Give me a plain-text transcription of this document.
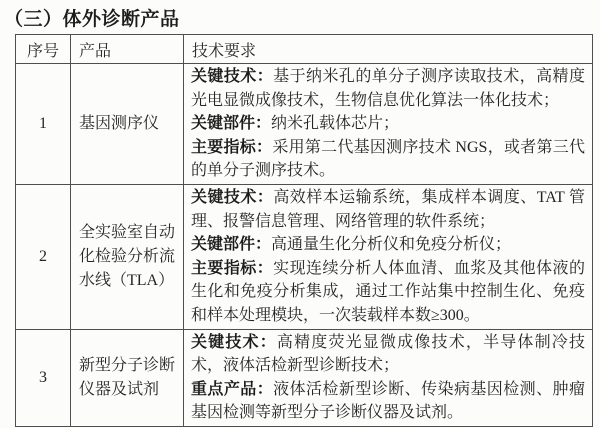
（三）体外诊断产品
序号	产品	技术要求
1	基因测序仪	关键技术：基于纳米孔的单分子测序读取技术，高精度光电显微成像技术，生物信息优化算法一体化技术；
关键部件：纳米孔载体芯片；
主要指标：采用第二代基因测序技术 NGS，或者第三代的单分子测序技术。

2	全实验室自动化检验分析流水线（TLA）	关键技术：高效样本运输系统，集成样本调度、TAT 管理、报警信息管理、网络管理的软件系统；
关键部件：高通量生化分析仪和免疫分析仪；
主要指标：实现连续分析人体血清、血浆及其他体液的生化和免疫分析集成，通过工作站集中控制生化、免疫和样本处理模块，一次装载样本数≥300。

3	新型分子诊断仪器及试剂	关键技术：高精度荧光显微成像技术，半导体制冷技术，液体活检新型诊断技术；
重点产品：液体活检新型诊断、传染病基因检测、肿瘤基因检测等新型分子诊断仪器及试剂。
